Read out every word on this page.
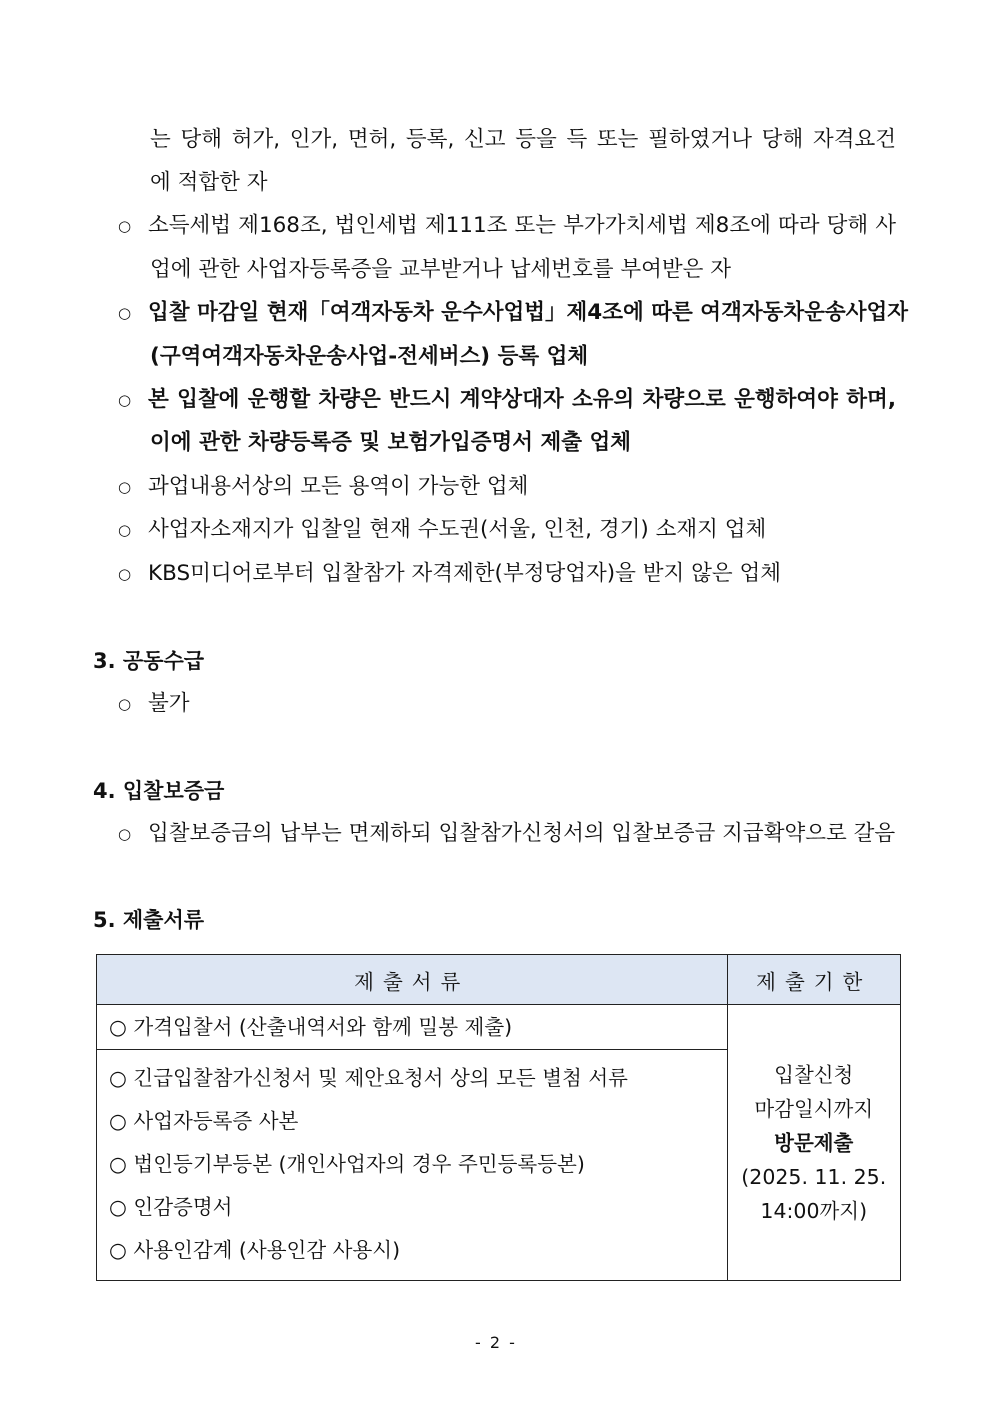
는 당해 허가, 인가, 면허, 등록, 신고 등을 득 또는 필하였거나 당해 자격요건
에 적합한 자
○ 소득세법 제168조, 법인세법 제111조 또는 부가가치세법 제8조에 따라 당해 사
업에 관한 사업자등록증을 교부받거나 납세번호를 부여받은 자
○ 입찰 마감일 현재「여객자동차 운수사업법」제4조에 따른 여객자동차운송사업자
(구역여객자동차운송사업-전세버스) 등록 업체
○ 본 입찰에 운행할 차량은 반드시 계약상대자 소유의 차량으로 운행하여야 하며,
이에 관한 차량등록증 및 보험가입증명서 제출 업체
○ 과업내용서상의 모든 용역이 가능한 업체
○ 사업자소재지가 입찰일 현재 수도권(서울, 인천, 경기) 소재지 업체
○ KBS미디어로부터 입찰참가 자격제한(부정당업자)을 받지 않은 업체
3. 공동수급
○ 불가
4. 입찰보증금
○ 입찰보증금의 납부는 면제하되 입찰참가신청서의 입찰보증금 지급확약으로 갈음
5. 제출서류
제출서류	제출기한

○ 가격입찰서 (산출내역서와 함께 밀봉 제출)	입찰신청
마감일시까지
방문제출
(2025. 11. 25.
14:00까지)

○ 긴급입찰참가신청서 및 제안요청서 상의 모든 별첨 서류
○ 사업자등록증 사본
○ 법인등기부등본 (개인사업자의 경우 주민등록등본)
○ 인감증명서
○ 사용인감계 (사용인감 사용시)	
- 2 -
